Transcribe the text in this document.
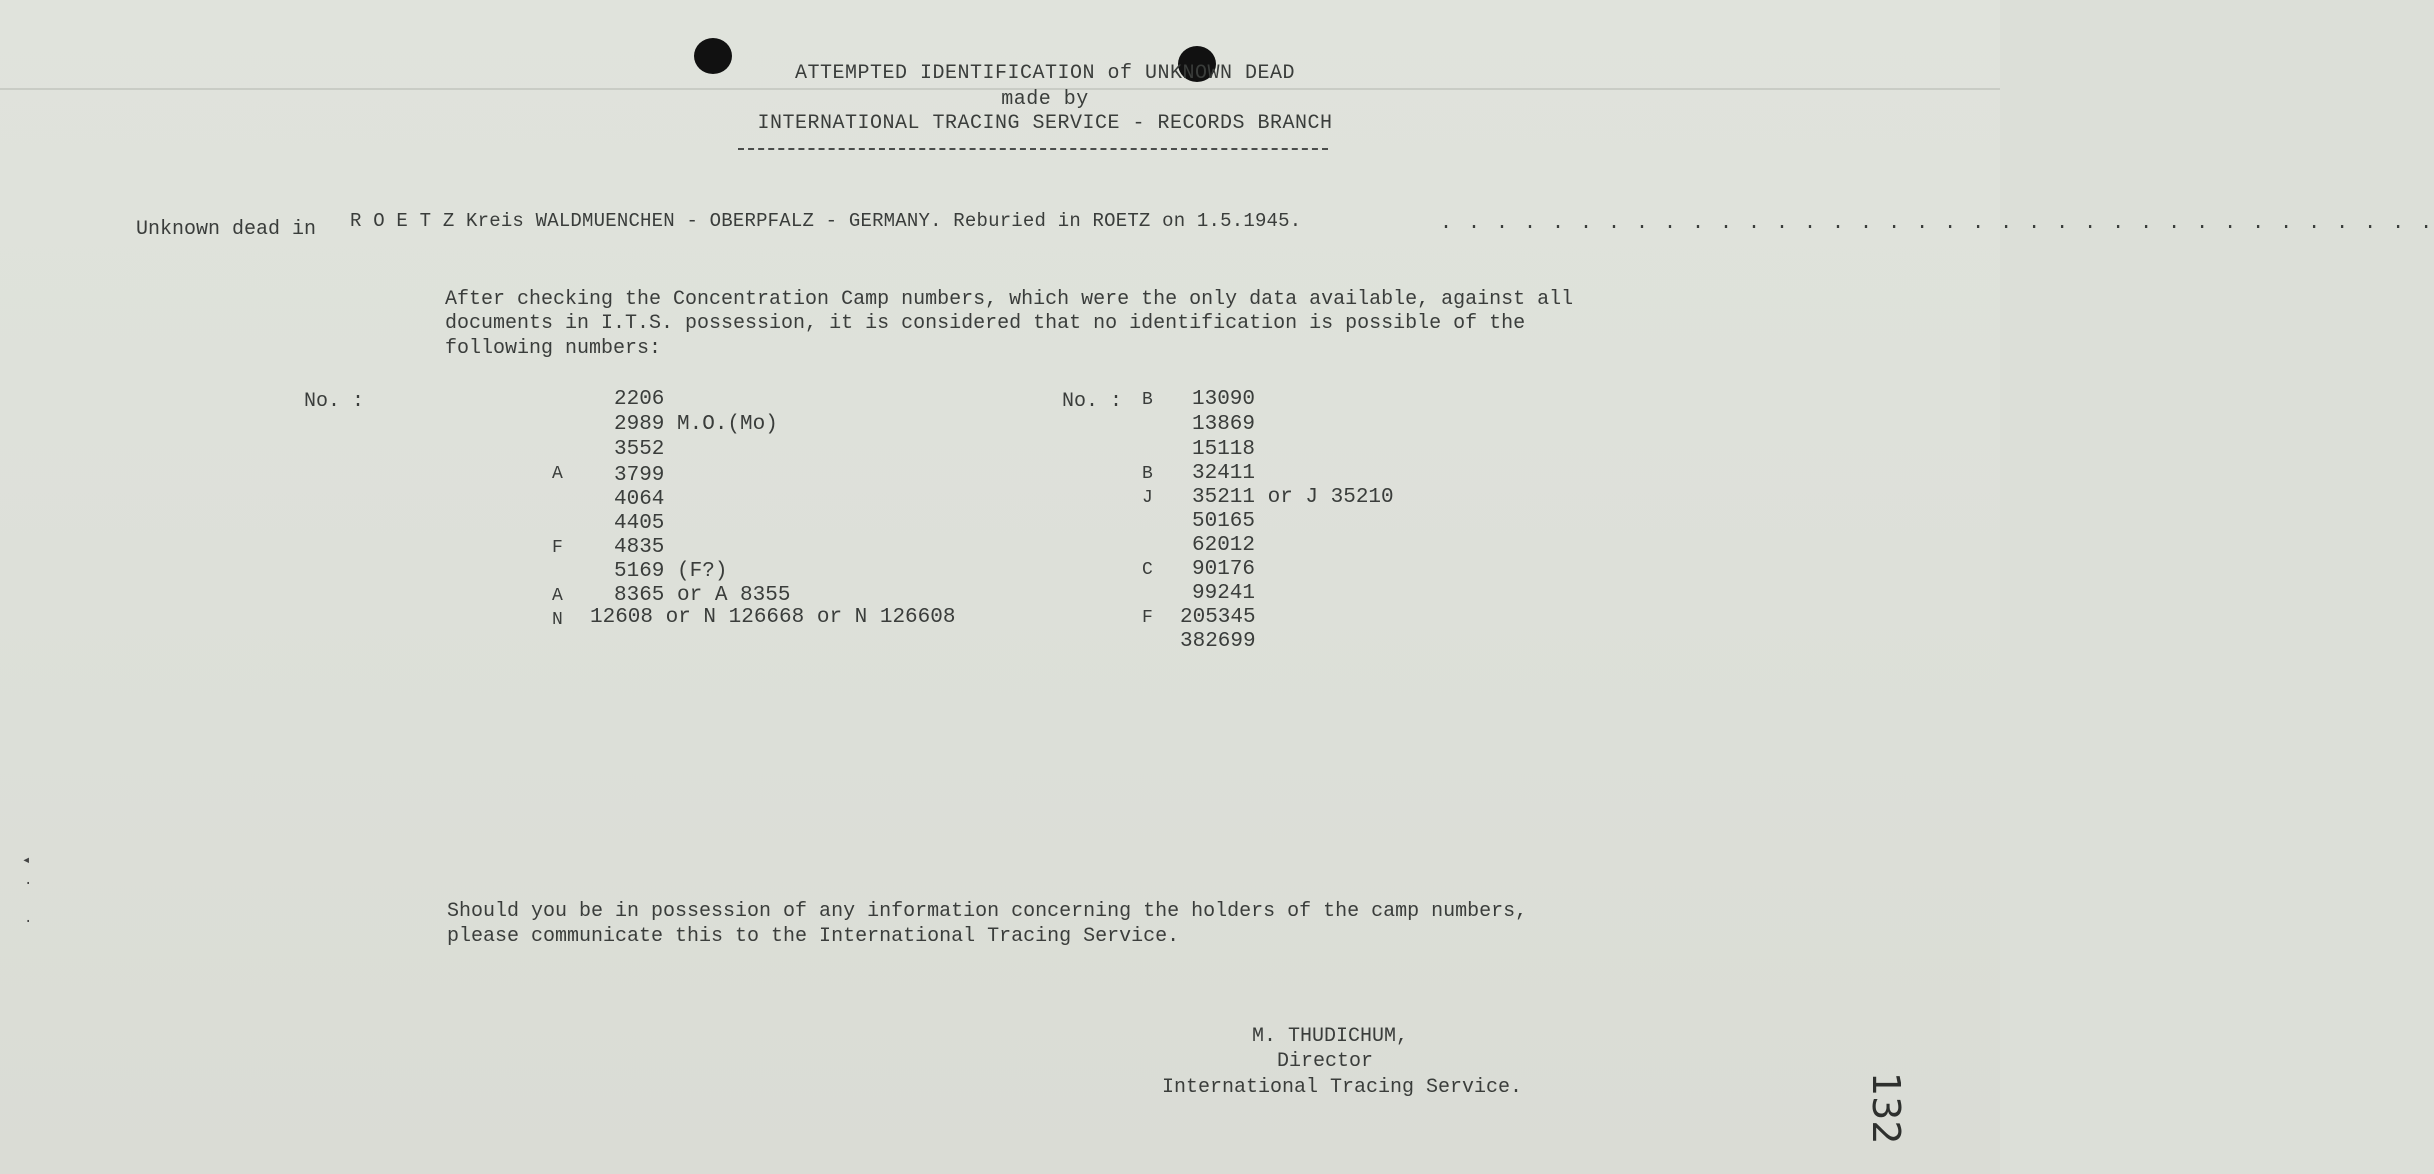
ATTEMPTED IDENTIFICATION of UNKNOWN DEAD
made by
INTERNATIONAL TRACING SERVICE - RECORDS BRANCH
Unknown dead in R O E T Z Kreis WALDMUENCHEN - OBERPFALZ - GERMANY. Reburied in ROETZ on 1.5.1945.	. . . . . . . . . . . . . . . . . . . . . . . . . . . . . . . . . . . .
After checking the Concentration Camp numbers, which were the only data available, against all
documents in I.T.S. possession, it is considered that no identification is possible of the
following numbers:
No. :	2206
2989 M.O.(Mo)
3552
A 3799
4064
4405
F 4835
5169 (F?)
A 8365 or A 8355
N 12608 or N 126668 or N 126608
No. : B 13090
13869
15118
B 32411
J 35211 or J 35210
50165
62012
C 90176
99241
F 205345
382699
Should you be in possession of any information concerning the holders of the camp numbers,
please communicate this to the International Tracing Service.
M. THUDICHUM,
Director
International Tracing Service.
◂
·
·
132
